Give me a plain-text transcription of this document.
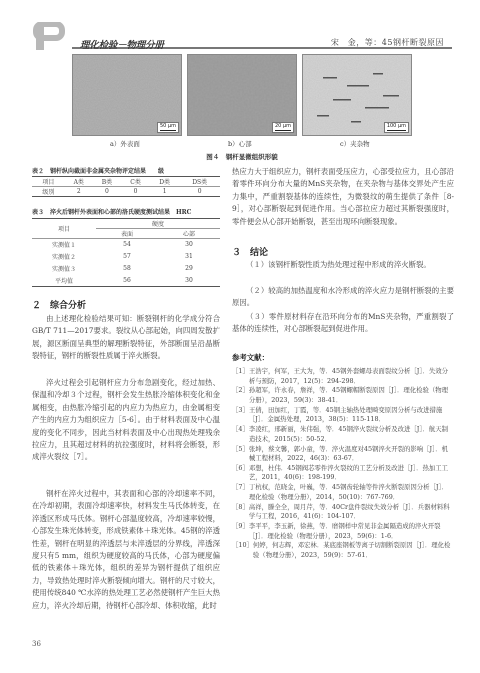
理化检验－物理分册	宋　金，等：45钢杆断裂原因
50 μm	20 μm	100 μm
a）外表面	b）心部	c）夹杂物
图４　钢杆显微组织形貌
表２　钢杆纵向截面非金属夹杂物评定结果　　级
项目	A类	B类	C类	D类	DS类
级别	2	0	0	1	0
表３　淬火后钢杆外表面和心部的洛氏硬度测试结果　HRC
项目	硬度	
	表面	心部
实测值１	54	30
实测值２	57	31
实测值３	58	29
平均值	56	30
２　综合分析
由上述理化检验结果可知：断裂钢杆的化学成分符合GB/T 711—2017要求。裂纹从心部起始，向四周发散扩展，源区断面呈典型的解理断裂特征，外部断面呈沿晶断裂特征，钢杆的断裂性质属于淬火断裂。
淬火过程会引起钢杆应力分布急剧变化，经过加热、保温和冷却３个过程，钢杆会发生热胀冷缩体积变化和金属相变，由热胀冷缩引起的内应力为热应力，由金属相变产生的内应力为组织应力［5-6］。由于材料表面及中心温度的变化不同步，因此当材料表面及中心出现热处理残余拉应力，且其超过材料的抗拉强度时，材料将会断裂，形成淬火裂纹［7］。
钢杆在淬火过程中，其表面和心部的冷却速率不同，在冷却初期，表面冷却速率快，材料发生马氏体转变，在淬透区形成马氏体。钢杆心部温度较高，冷却速率较慢，心部发生珠光体转变，形成铁素体＋珠光体。45钢的淬透性差，钢杆在明显的淬透层与未淬透层的分界线，淬透深度只有5 mm，组织为硬度较高的马氏体，心部为硬度偏低的铁素体＋珠光体，组织的差异为钢杆提供了组织应力，导致热处理时淬火断裂倾向增大。钢杆的尺寸较大，使用传统840 ℃水淬的热处理工艺必然使钢杆产生巨大热应力，淬火冷却后期，待钢杆心部冷却、体积收缩，此时
热应力大于组织应力，钢杆表面受压应力，心部受拉应力，且心部沿着零件环向分布大量的MnS夹杂物，在夹杂物与基体交界处产生应力集中，严重割裂基体的连续性，为微裂纹的萌生提供了条件［8-9］，对心部断裂起到促进作用。当心部拉应力超过其断裂强度时，零件便会从心部开始断裂，甚至出现环向断裂现象。
３　结论
（１）该钢杆断裂性质为热处理过程中形成的淬火断裂。
（２）较高的加热温度和水冷形成的淬火应力是钢杆断裂的主要原因。
（３）零件原材料存在沿环向分布的MnS夹杂物，严重割裂了基体的连续性，对心部断裂起到促进作用。
参考文献：
［1］ 王浩宇，何军，王大为，等．45钢外套螺母表面裂纹分析［J］．失效分析与预防，2017，12(5)：294-298．
［2］ 孙超军，许永春，詹祥，等．45钢螺帽断裂原因［J］．理化检验（物理分册），2023，59(3)：38-41．
［3］ 王倩，田加红，丁霞，等．45钢主轴热处理畸变原因分析与改进措施［J］．金属热处理，2013，38(5)：115-118．
［4］ 李凌红，邢新丽，朱伟强，等．45钢淬火裂纹分析及改进［J］．航天制造技术，2015(5)：50-52．
［5］ 张坤，蔡文馨，郭小童，等．淬火温度对45钢淬火开裂的影响［J］．机械工程材料，2022，46(3)：63-67．
［6］ 邓想，杜伟．45钢阀芯零件淬火裂纹的工艺分析及改进［J］．热加工工艺，2011，40(6)：198-199．
［7］ 丁杭权，范晓金，叶巍，等．45钢齿轮轴等件淬火断裂原因分析［J］．理化检验（物理分册），2014，50(10)：767-769．
［8］ 高祥，滕全全，周月芹，等．40Cr盘件裂纹失效分析［J］．兵器材料科学与工程，2016，41(6)：104-107．
［9］ 李平平，李玉新，徐燕，等．磨钢样中常见非金属隔造成的淬火开裂［J］．理化检验（物理分册），2023，59(6)：1-6．
［10］ 何婷，何志辉，邓宏林．某底座钢板等离子切割断裂原因［J］．理化检验（物理分册），2023，59(9)：57-61．
36
